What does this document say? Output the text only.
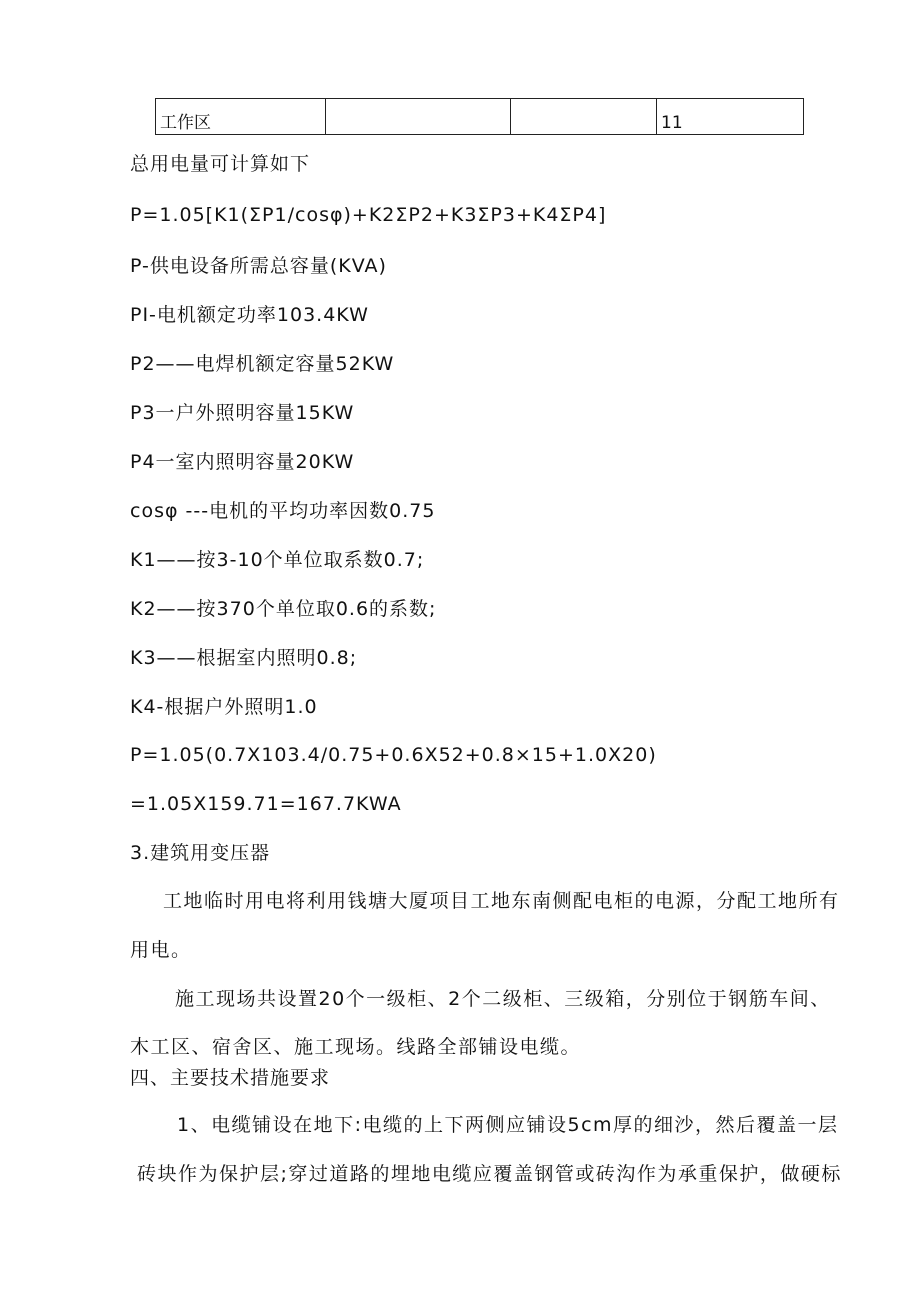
工作区			11
总用电量可计算如下
P=1.05[K1(ΣP1/cosφ)+K2ΣP2+K3ΣP3+K4ΣP4]
P-供电设备所需总容量(KVA)
PI-电机额定功率103.4KW
P2——电焊机额定容量52KW
P3一户外照明容量15KW
P4一室内照明容量20KW
cosφ ---电机的平均功率因数0.75
K1——按3-10个单位取系数0.7;
K2——按370个单位取0.6的系数;
K3——根据室内照明0.8;
K4-根据户外照明1.0
P=1.05(0.7X103.4/0.75+0.6X52+0.8×15+1.0X20)
=1.05X159.71=167.7KWA
3.建筑用变压器
工地临时用电将利用钱塘大厦项目工地东南侧配电柜的电源，分配工地所有
用电。
施工现场共设置20个一级柜、2个二级柜、三级箱，分别位于钢筋车间、
木工区、宿舍区、施工现场。线路全部铺设电缆。
四、主要技术措施要求
1、电缆铺设在地下:电缆的上下两侧应铺设5cm厚的细沙，然后覆盖一层
砖块作为保护层;穿过道路的埋地电缆应覆盖钢管或砖沟作为承重保护，做硬标
